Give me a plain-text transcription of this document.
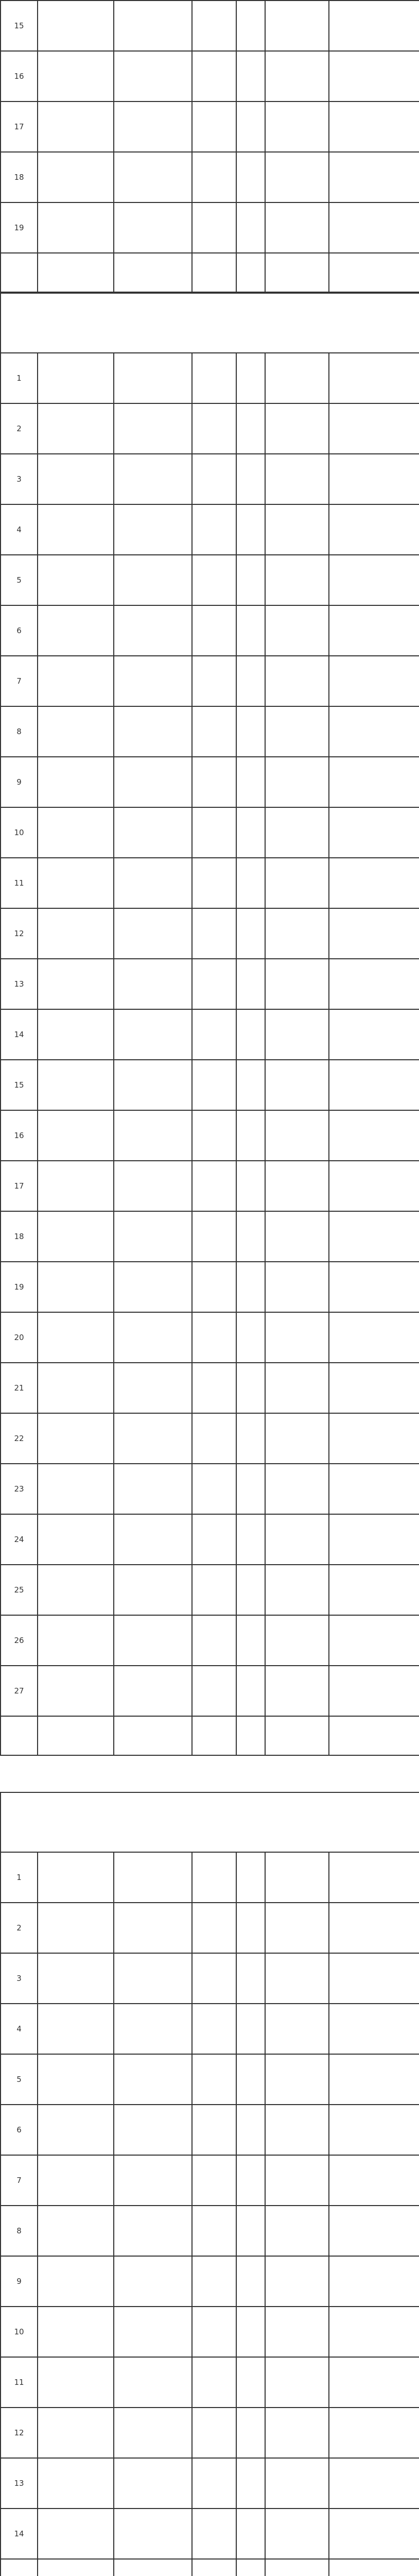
15						
16						
17						
18						
19						

1						
2						
3						
4						
5						
6						
7						
8						
9						
10						
11						
12						
13						
14						
15						
16						
17						
18						
19						
20						
21						
22						
23						
24						
25						
26						
27						

1						
2						
3						
4						
5						
6						
7						
8						
9						
10						
11						
12						
13						
14						
